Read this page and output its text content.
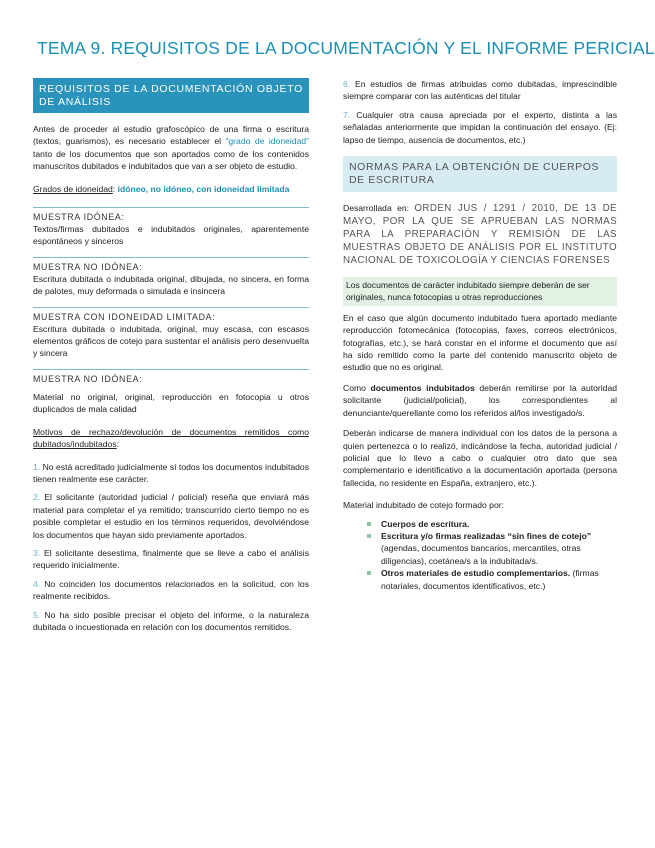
TEMA 9. REQUISITOS DE LA DOCUMENTACIÓN Y EL INFORME PERICIAL
REQUISITOS DE LA DOCUMENTACIÓN OBJETO DE ANÁLISIS

Antes de proceder al estudio grafoscópico de una firma o escritura (textos, guarismos), es necesario establecer el “grado de idoneidad” tanto de los documentos que son aportados como de los contenidos manuscritos dubitados e indubitados que van a ser objeto de estudio.

Grados de idoneidad: idóneo, no idóneo, con idoneidad limitada

MUESTRA IDÓNEA:

Textos/firmas dubitados e indubitados originales, aparentemente espontáneos y sinceros

MUESTRA NO IDÓNEA:

Escritura dubitada o indubitada original, dibujada, no sincera, en forma de palotes, muy deformada o simulada e insincera

MUESTRA CON IDONEIDAD LIMITADA:

Escritura dubitada o indubitada, original, muy escasa, con escasos elementos gráficos de cotejo para sustentar el análisis pero desenvuelta y sincera

MUESTRA NO IDÓNEA:

Material no original, original, reproducción en fotocopia u otros duplicados de mala calidad

Motivos de rechazo/devolución de documentos remitidos como dubitados/indubitados:

1. No está acreditado judicialmente sí todos los documentos indubitados tienen realmente ese carácter.

2. El solicitante (autoridad judicial / policial) reseña que enviará más material para completar el ya remitido; transcurrido cierto tiempo no es posible completar el estudio en los términos requeridos, devolviéndose los documentos que hayan sido previamente aportados.

3. El solicitante desestima, finalmente que se lleve a cabo el análisis requerido inicialmente.

4. No coinciden los documentos relacionados en la solicitud, con los realmente recibidos.

5. No ha sido posible precisar el objeto del informe, o la naturaleza dubitada o incuestionada en relación con los documentos remitidos.

6. En estudios de firmas atribuidas como dubitadas, imprescindible siempre comparar con las auténticas del titular

7. Cualquier otra causa apreciada por el experto, distinta a las señaladas anteriormente que impidan la continuación del ensayo. (Ej: lapso de tiempo, ausencia de documentos, etc.)

NORMAS PARA LA OBTENCIÓN DE CUERPOS DE ESCRITURA

Desarrollada en: ORDEN JUS / 1291 / 2010, DE 13 DE MAYO, POR LA QUE SE APRUEBAN LAS NORMAS PARA LA PREPARACIÓN Y REMISIÓN DE LAS MUESTRAS OBJETO DE ANÁLISIS POR EL INSTITUTO NACIONAL DE TOXICOLOGÍA Y CIENCIAS FORENSES

Los documentos de carácter indubitado siempre deberán de ser originales, nunca fotocopias u otras reproducciones

En el caso que algún documento indubitado fuera aportado mediante reproducción fotomecánica (fotocopias, faxes, correos electrónicos, fotografías, etc.), se hará constar en el informe el documento que así ha sido remitido como la parte del contenido manuscrito objeto de estudio que no es original.

Como documentos indubitados deberán remitirse por la autoridad solicitante (judicial/policial), los correspondientes al denunciante/querellante como los referidos al/los investigado/s.

Deberán indicarse de manera individual con los datos de la persona a quien pertenezca o lo realizó, indicándose la fecha, autoridad judicial / policial que lo llevo a cabo o cualquier otro dato que sea complementario e identificativo a la documentación aportada (persona fallecida, no residente en España, extranjero, etc.).

Material indubitado de cotejo formado por:

Cuerpos de escritura.
Escritura y/o firmas realizadas “sin fines de cotejo” (agendas, documentos bancarios, mercantiles, otras diligencias), coetánea/s a la indubitada/s.
Otros materiales de estudio complementarios. (firmas notariales, documentos identificativos, etc.)
